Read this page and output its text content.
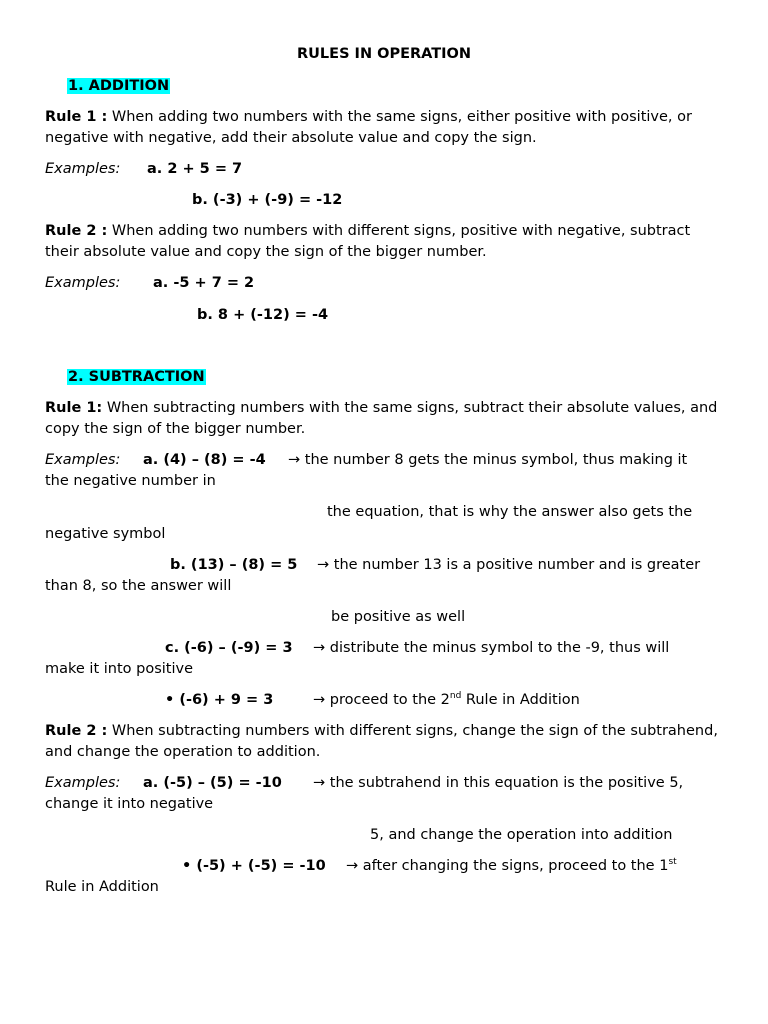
RULES IN OPERATION
1. ADDITION
Rule 1 : When adding two numbers with the same signs, either positive with positive, or negative with negative, add their absolute value and copy the sign.
Examples: a. 2 + 5 = 7
b. (-3) + (-9) = -12
Rule 2 : When adding two numbers with different signs, positive with negative, subtract their absolute value and copy the sign of the bigger number.
Examples: a. -5 + 7 = 2
b. 8 + (-12) = -4
2. SUBTRACTION
Rule 1: When subtracting numbers with the same signs, subtract their absolute values, and copy the sign of the bigger number.
Examples: a. (4) – (8) = -4 → the number 8 gets the minus symbol, thus making it
the negative number in
the equation, that is why the answer also gets the
negative symbol
b. (13) – (8) = 5 → the number 13 is a positive number and is greater
than 8, so the answer will
be positive as well
c. (-6) – (-9) = 3 → distribute the minus symbol to the -9, thus will
make it into positive
• (-6) + 9 = 3	→ proceed to the 2nd Rule in Addition
Rule 2 : When subtracting numbers with different signs, change the sign of the subtrahend, and change the operation to addition.
Examples: a. (-5) – (5) = -10 → the subtrahend in this equation is the positive 5,
change it into negative
5, and change the operation into addition
• (-5) + (-5) = -10 → after changing the signs, proceed to the 1st
Rule in Addition
